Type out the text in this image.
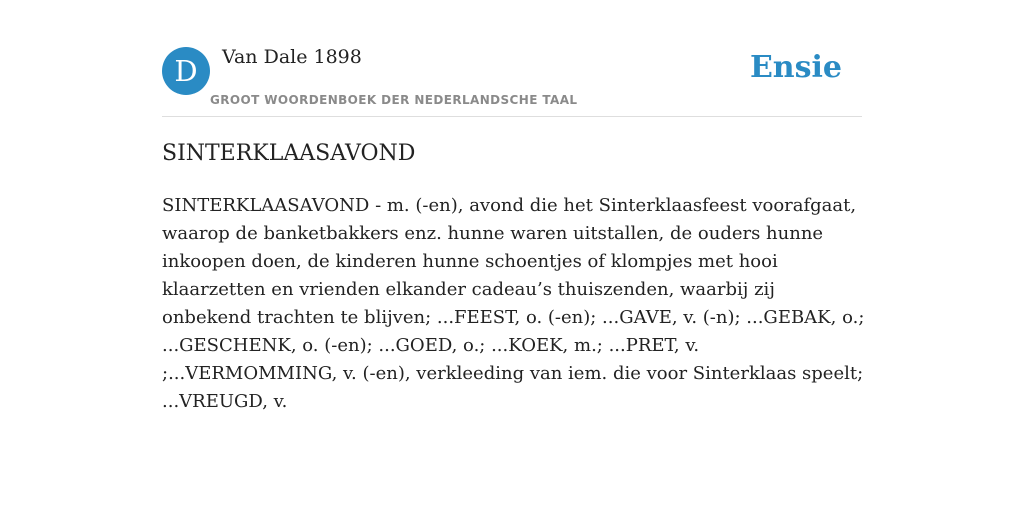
D	Van Dale 1898
GROOT WOORDENBOEK DER NEDERLANDSCHE TAAL
Ensie
SINTERKLAASAVOND

SINTERKLAASAVOND - m. (-en), avond die het Sinterklaasfeest voorafgaat, waarop de banketbakkers enz. hunne waren uitstallen, de ouders hunne inkoopen doen, de kinderen hunne schoentjes of klompjes met hooi klaarzetten en vrienden elkander cadeau’s thuiszenden, waarbij zij onbekend trachten te blijven; ...FEEST, o. (-en); ...GAVE, v. (-n); ...GEBAK, o.; ...GESCHENK, o. (-en); ...GOED, o.; ...KOEK, m.; ...PRET, v. ;...VERMOMMING, v. (-en), verkleeding van iem. die voor Sinterklaas speelt; ...VREUGD, v.
